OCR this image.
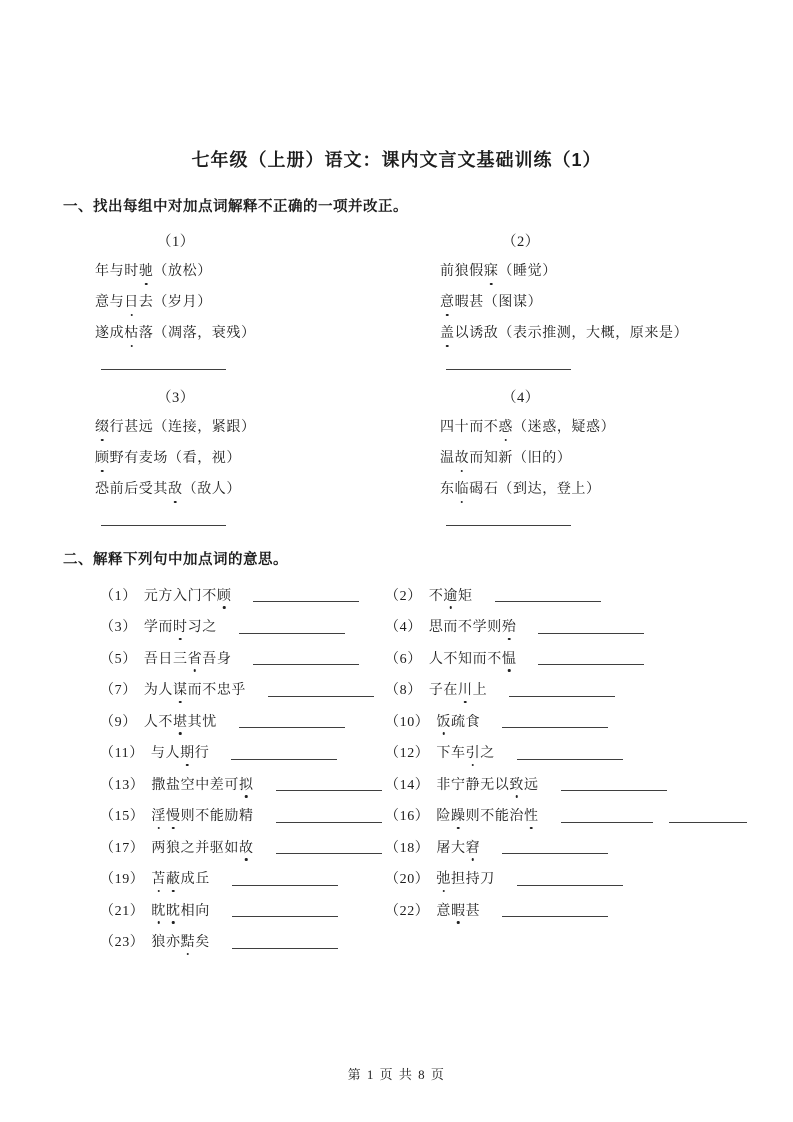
七年级（上册）语文：课内文言文基础训练（1）
一、找出每组中对加点词解释不正确的一项并改正。
（1）
年与时驰（放松）
意与日去（岁月）
遂成枯落（凋落，衰残）
（2）
前狼假寐（睡觉）
意暇甚（图谋）
盖以诱敌（表示推测，大概，原来是）
（3）
缀行甚远（连接，紧跟）
顾野有麦场（看，视）
恐前后受其敌（敌人）
（4）
四十而不惑（迷惑，疑惑）
温故而知新（旧的）
东临碣石（到达，登上）
二、解释下列句中加点词的意思。
（1） 元方入门不顾	（2） 不逾矩
（3） 学而时习之	（4） 思而不学则殆
（5） 吾日三省吾身	（6） 人不知而不愠
（7） 为人谋而不忠乎	（8） 子在川上
（9） 人不堪其忧	（10） 饭疏食
（11） 与人期行	（12） 下车引之
（13） 撒盐空中差可拟	（14） 非宁静无以致远
（15） 淫慢则不能励精	（16） 险躁则不能治性
（17） 两狼之并驱如故	（18） 屠大窘
（19） 苫蔽成丘	（20） 弛担持刀
（21） 眈眈相向	（22） 意暇甚
（23） 狼亦黠矣
第 1 页 共 8 页
